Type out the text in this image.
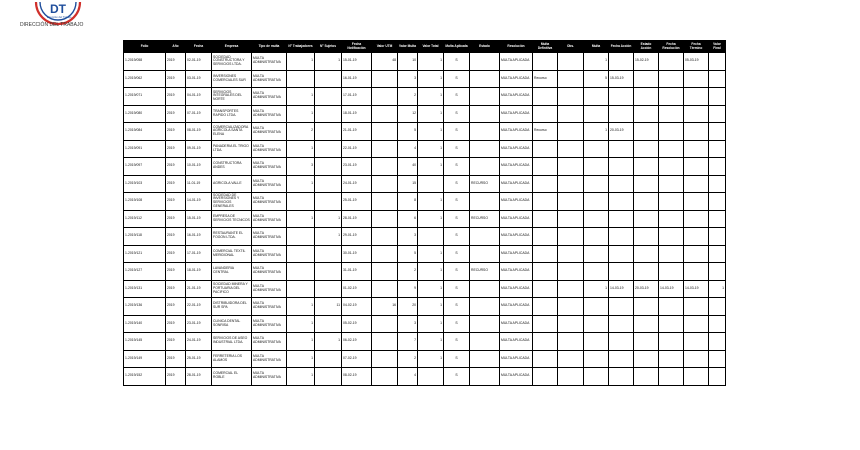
DT
Dirección del Trabajo
DIRECCIÓN DEL TRABAJO
Folio	Año	Fecha	Empresa	Tipo de multa	N° Trabajadores	N° Sujetos	Fecha Notificación	Valor UTM	Valor Multa	Valor Total	Multa Aplicada	Estado	Resolución	Multa Definitiva	Obs.	Multa	Fecha Acción	Estado Acción	Fecha Resolución	Fecha Término	Valor Final
1-2019/058	2019	02-01-19	SOCIEDAD CONSTRUCTORA Y SERVICIOS LTDA.	MULTA ADMINISTRATIVA	1	1	15-01-19	48	10	1	S		MULTA APLICADA			1		15-02-19		05-03-19	
1-2019/062	2019	03-01-19	INVERSIONES COMERCIALES SUR	MULTA ADMINISTRATIVA			16-01-19		3	1	S		MULTA APLICADA	Recurso		5	15-03-19				
1-2019/071	2019	04-01-19	SERVICIOS INTEGRALES DEL NORTE	MULTA ADMINISTRATIVA	1		17-01-19		2	1	S		MULTA APLICADA								
1-2019/080	2019	07-01-19	TRANSPORTES RAPIDO LTDA.	MULTA ADMINISTRATIVA	1		18-01-19		12	1	S		MULTA APLICADA								
1-2019/084	2019	08-01-19	COMERCIALIZADORA AGRICOLA SANTA ELENA	MULTA ADMINISTRATIVA	2		21-01-19		5	1	S		MULTA APLICADA	Recurso		1	20-03-19				
1-2019/091	2019	09-01-19	PANADERIA EL TRIGO LTDA.	MULTA ADMINISTRATIVA	1		22-01-19		4	1	S		MULTA APLICADA								
1-2019/097	2019	10-01-19	CONSTRUCTORA ANDES	MULTA ADMINISTRATIVA	3		23-01-19		40	1	S		MULTA APLICADA								
1-2019/103	2019	11-01-19	AGRICOLA VALLE	MULTA ADMINISTRATIVA	1		24-01-19		15		S	RECURSO	MULTA APLICADA								
1-2019/108	2019	14-01-19	SOCIEDAD DE INVERSIONES Y SERVICIOS GENERALES	MULTA ADMINISTRATIVA			25-01-19		8	1	S		MULTA APLICADA								
1-2019/112	2019	15-01-19	EMPRESA DE SERVICIOS TECNICOS	MULTA ADMINISTRATIVA	1	1	28-01-19		6	1	S	RECURSO	MULTA APLICADA								
1-2019/118	2019	16-01-19	RESTAURANTE EL FOGON LTDA.	MULTA ADMINISTRATIVA		1	29-01-19		3		S		MULTA APLICADA								
1-2019/121	2019	17-01-19	COMERCIAL TEXTIL MERIDIONAL	MULTA ADMINISTRATIVA			30-01-19		5	1	S		MULTA APLICADA								
1-2019/127	2019	18-01-19	LAVANDERIA CENTRAL	MULTA ADMINISTRATIVA			31-01-19		2	1	S	RECURSO	MULTA APLICADA								
1-2019/131	2019	21-01-19	SOCIEDAD MINERA Y PORTUARIA DEL PACIFICO	MULTA ADMINISTRATIVA			01-02-19		9	1	S		MULTA APLICADA			1	14-03-19	20-03-19	14-03-19	14-03-19	1
1-2019/136	2019	22-01-19	DISTRIBUIDORA DEL SUR SPA	MULTA ADMINISTRATIVA	1	11	04-02-19	16	20	1	S		MULTA APLICADA								
1-2019/140	2019	23-01-19	CLINICA DENTAL SONRISA	MULTA ADMINISTRATIVA	1		05-02-19		3	1	S		MULTA APLICADA								
1-2019/145	2019	24-01-19	SERVICIOS DE ASEO INDUSTRIAL LTDA.	MULTA ADMINISTRATIVA	1	1	06-02-19		7	1	S		MULTA APLICADA								
1-2019/149	2019	25-01-19	FERRETERIA LOS ALAMOS	MULTA ADMINISTRATIVA	1		07-02-19		2	1	S		MULTA APLICADA								
1-2019/152	2019	28-01-19	COMERCIAL EL ROBLE	MULTA ADMINISTRATIVA	1		08-02-19		4		S		MULTA APLICADA								
